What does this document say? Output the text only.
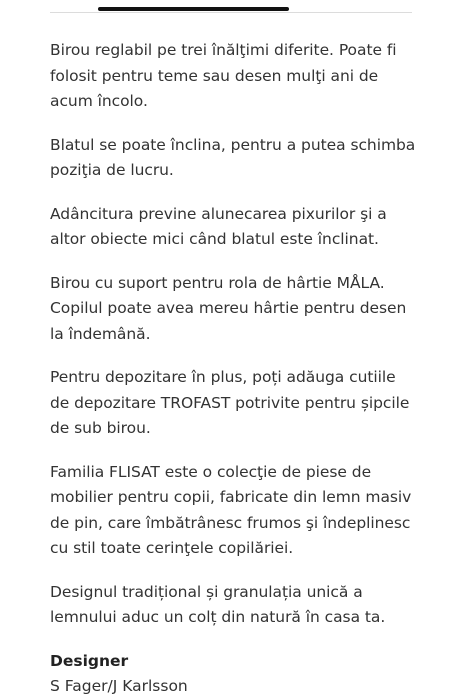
Birou reglabil pe trei înălţimi diferite. Poate fi folosit pentru teme sau desen mulţi ani de acum încolo.

Blatul se poate înclina, pentru a putea schimba poziţia de lucru.

Adâncitura previne alunecarea pixurilor şi a altor obiecte mici când blatul este înclinat.

Birou cu suport pentru rola de hârtie MÅLA. Copilul poate avea mereu hârtie pentru desen la îndemână.

Pentru depozitare în plus, poți adăuga cutiile de depozitare TROFAST potrivite pentru șipcile de sub birou.

Familia FLISAT este o colecţie de piese de mobilier pentru copii, fabricate din lemn masiv de pin, care îmbătrânesc frumos şi îndeplinesc cu stil toate cerinţele copilăriei.

Designul tradițional și granulația unică a lemnului aduc un colț din natură în casa ta.

Designer

S Fager/J Karlsson
